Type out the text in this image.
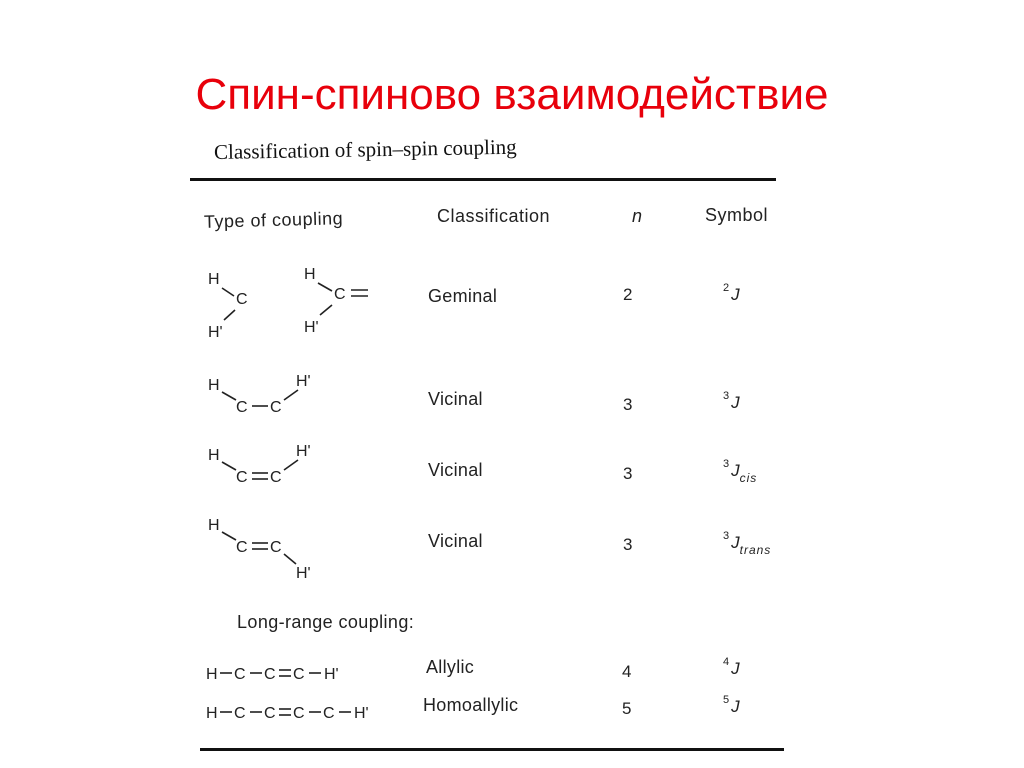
Спин-спиново взаимодействие
Classification of spin–spin coupling
Type of coupling	Classification	n	Symbol
H
C
H'
H
C
H'
Geminal	2	$^2$ J
H
C C
H'
Vicinal	3	$^3$ J
H
C C
H'
Vicinal	3	$^3$ $J_{cis}$
H
C C
H'
Vicinal	3	$^3$ $J_{trans}$
Long-range coupling:
H C C C H'	Allylic	4	$^4$ J
H C C C C H'	Homoallylic	5	$^5$ J
